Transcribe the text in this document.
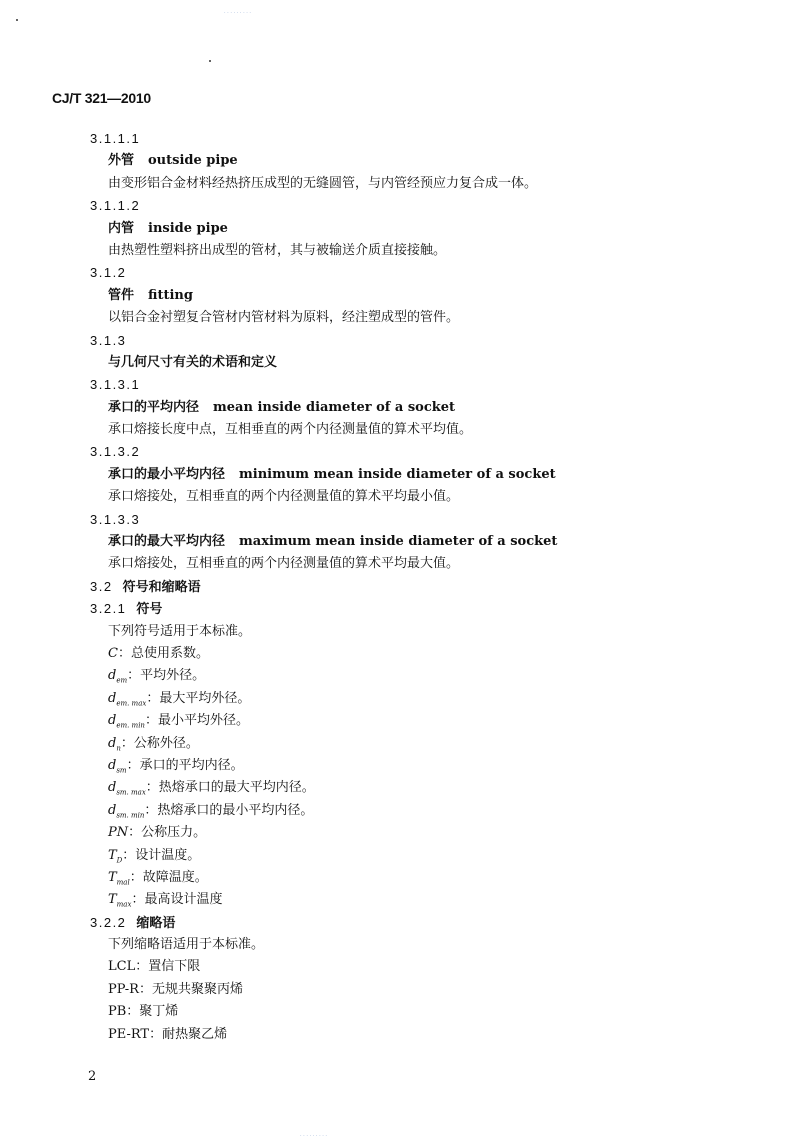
· · · · · · · · ·
CJ/T 321—2010
3.1.1.1
外管 outside pipe
由变形铝合金材料经热挤压成型的无缝圆管，与内管经预应力复合成一体。
3.1.1.2
内管 inside pipe
由热塑性塑料挤出成型的管材，其与被输送介质直接接触。
3.1.2
管件 fitting
以铝合金衬塑复合管材内管材料为原料，经注塑成型的管件。
3.1.3
与几何尺寸有关的术语和定义
3.1.3.1
承口的平均内径 mean inside diameter of a socket
承口熔接长度中点，互相垂直的两个内径测量值的算术平均值。
3.1.3.2
承口的最小平均内径 minimum mean inside diameter of a socket
承口熔接处，互相垂直的两个内径测量值的算术平均最小值。
3.1.3.3
承口的最大平均内径 maximum mean inside diameter of a socket
承口熔接处，互相垂直的两个内径测量值的算术平均最大值。
3.2 符号和缩略语
3.2.1 符号
下列符号适用于本标准。
C：总使用系数。
$d_{em}$：平均外径。
$d_{em. max}$：最大平均外径。
$d_{em. min}$：最小平均外径。
$d_n$：公称外径。
$d_{sm}$：承口的平均内径。
$d_{sm. max}$：热熔承口的最大平均内径。
$d_{sm. min}$：热熔承口的最小平均内径。
PN：公称压力。
$T_D$：设计温度。
$T_{mal}$：故障温度。
$T_{max}$：最高设计温度
3.2.2 缩略语
下列缩略语适用于本标准。
LCL：置信下限
PP-R：无规共聚聚丙烯
PB：聚丁烯
PE-RT：耐热聚乙烯
2
· · · · · · · · ·
